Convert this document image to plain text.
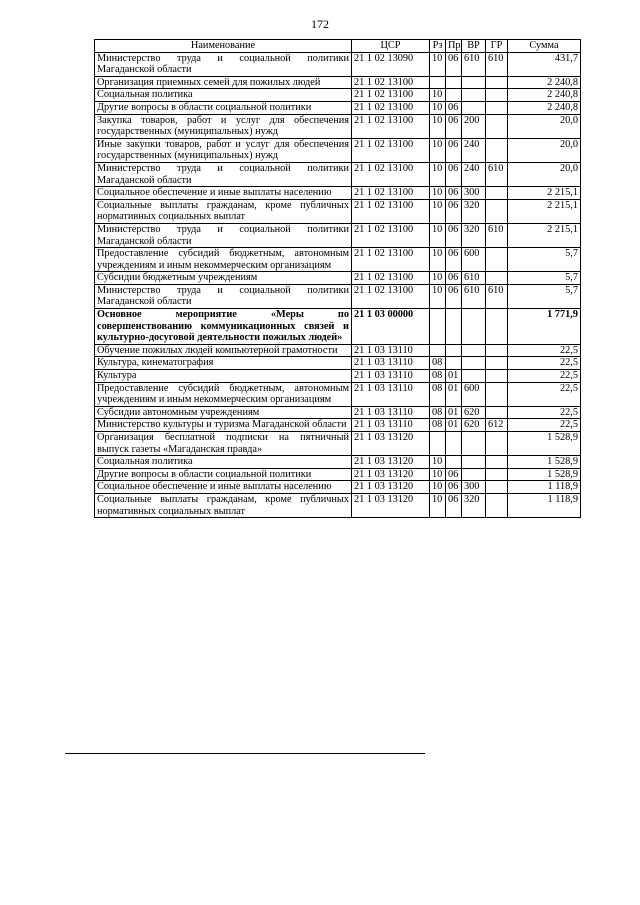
172
Наименование	ЦСР	Рз	Пр	ВР	ГР	Сумма
Министерство труда и социальной политики Магаданской области	21 1 02 13090	10	06	610	610	431,7
Организация приемных семей для пожилых людей	21 1 02 13100					2 240,8
Социальная политика	21 1 02 13100	10				2 240,8
Другие вопросы в области социальной политики	21 1 02 13100	10	06			2 240,8
Закупка товаров, работ и услуг для обеспечения государственных (муниципальных) нужд	21 1 02 13100	10	06	200		20,0
Иные закупки товаров, работ и услуг для обеспечения государственных (муниципальных) нужд	21 1 02 13100	10	06	240		20,0
Министерство труда и социальной политики Магаданской области	21 1 02 13100	10	06	240	610	20,0
Социальное обеспечение и иные выплаты населению	21 1 02 13100	10	06	300		2 215,1
Социальные выплаты гражданам, кроме публичных нормативных социальных выплат	21 1 02 13100	10	06	320		2 215,1
Министерство труда и социальной политики Магаданской области	21 1 02 13100	10	06	320	610	2 215,1
Предоставление субсидий бюджетным, автономным учреждениям и иным некоммерческим организациям	21 1 02 13100	10	06	600		5,7
Субсидии бюджетным учреждениям	21 1 02 13100	10	06	610		5,7
Министерство труда и социальной политики Магаданской области	21 1 02 13100	10	06	610	610	5,7
Основное мероприятие «Меры по совершенствованию коммуникационных связей и культурно-досуговой деятельности пожилых людей»	21 1 03 00000					1 771,9
Обучение пожилых людей компьютерной грамотности	21 1 03 13110					22,5
Культура, кинематография	21 1 03 13110	08				22,5
Культура	21 1 03 13110	08	01			22,5
Предоставление субсидий бюджетным, автономным учреждениям и иным некоммерческим организациям	21 1 03 13110	08	01	600		22,5
Субсидии автономным учреждениям	21 1 03 13110	08	01	620		22,5
Министерство культуры и туризма Магаданской области	21 1 03 13110	08	01	620	612	22,5
Организация бесплатной подписки на пятничный выпуск газеты «Магаданская правда»	21 1 03 13120					1 528,9
Социальная политика	21 1 03 13120	10				1 528,9
Другие вопросы в области социальной политики	21 1 03 13120	10	06			1 528,9
Социальное обеспечение и иные выплаты населению	21 1 03 13120	10	06	300		1 118,9
Социальные выплаты гражданам, кроме публичных нормативных социальных выплат	21 1 03 13120	10	06	320		1 118,9
